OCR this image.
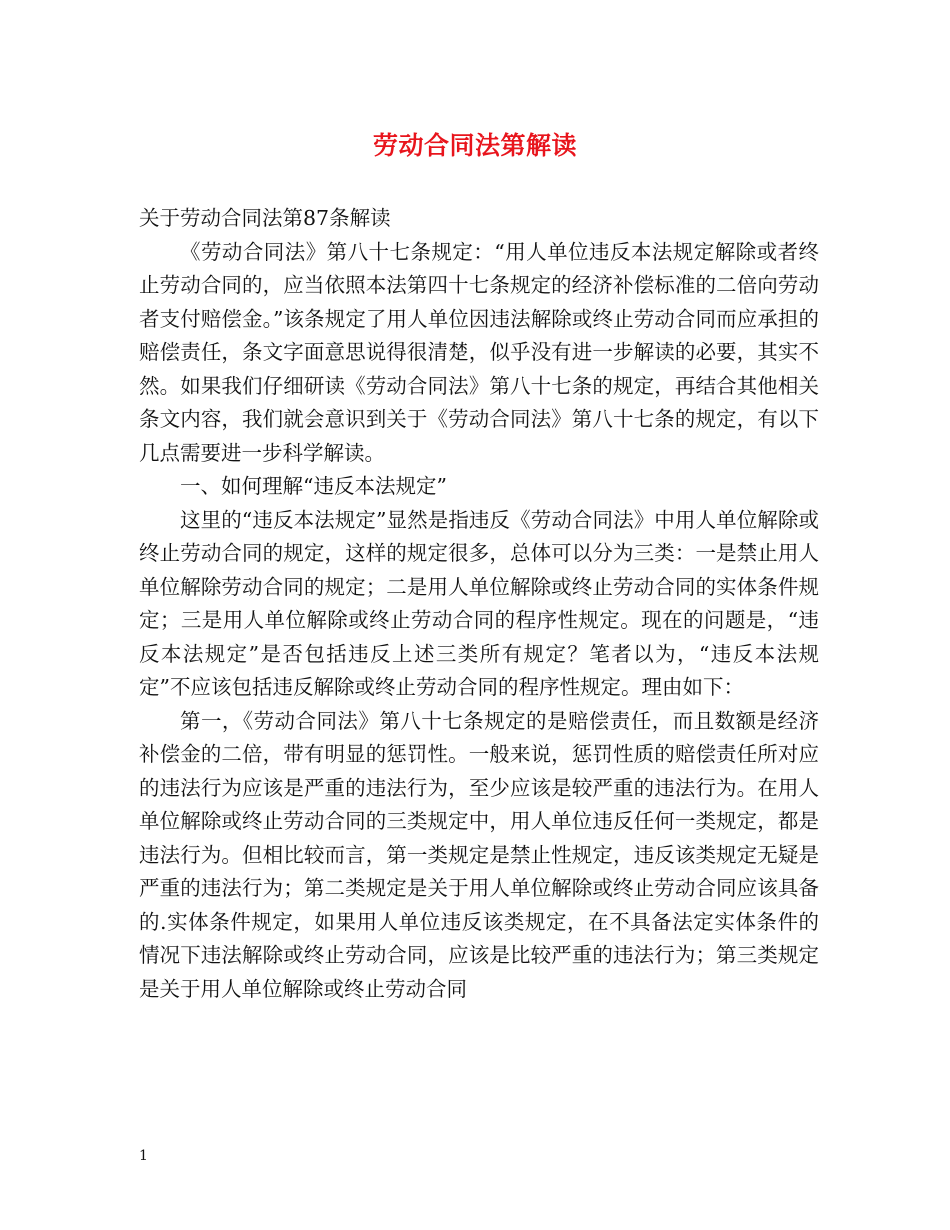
劳动合同法第解读

关于劳动合同法第87条解读

《劳动合同法》第八十七条规定：“用人单位违反本法规定解除或者终止劳动合同的，应当依照本法第四十七条规定的经济补偿标准的二倍向劳动者支付赔偿金。”该条规定了用人单位因违法解除或终止劳动合同而应承担的赔偿责任，条文字面意思说得很清楚，似乎没有进一步解读的必要，其实不然。如果我们仔细研读《劳动合同法》第八十七条的规定，再结合其他相关条文内容，我们就会意识到关于《劳动合同法》第八十七条的规定，有以下几点需要进一步科学解读。

一、如何理解“违反本法规定”

这里的“违反本法规定”显然是指违反《劳动合同法》中用人单位解除或终止劳动合同的规定，这样的规定很多，总体可以分为三类：一是禁止用人单位解除劳动合同的规定；二是用人单位解除或终止劳动合同的实体条件规定；三是用人单位解除或终止劳动合同的程序性规定。现在的问题是，“违反本法规定”是否包括违反上述三类所有规定？笔者以为，“违反本法规定”不应该包括违反解除或终止劳动合同的程序性规定。理由如下：

第一，《劳动合同法》第八十七条规定的是赔偿责任，而且数额是经济补偿金的二倍，带有明显的惩罚性。一般来说，惩罚性质的赔偿责任所对应的违法行为应该是严重的违法行为，至少应该是较严重的违法行为。在用人单位解除或终止劳动合同的三类规定中，用人单位违反任何一类规定，都是违法行为。但相比较而言，第一类规定是禁止性规定，违反该类规定无疑是严重的违法行为；第二类规定是关于用人单位解除或终止劳动合同应该具备的.实体条件规定，如果用人单位违反该类规定，在不具备法定实体条件的情况下违法解除或终止劳动合同，应该是比较严重的违法行为；第三类规定是关于用人单位解除或终止劳动合同

1
